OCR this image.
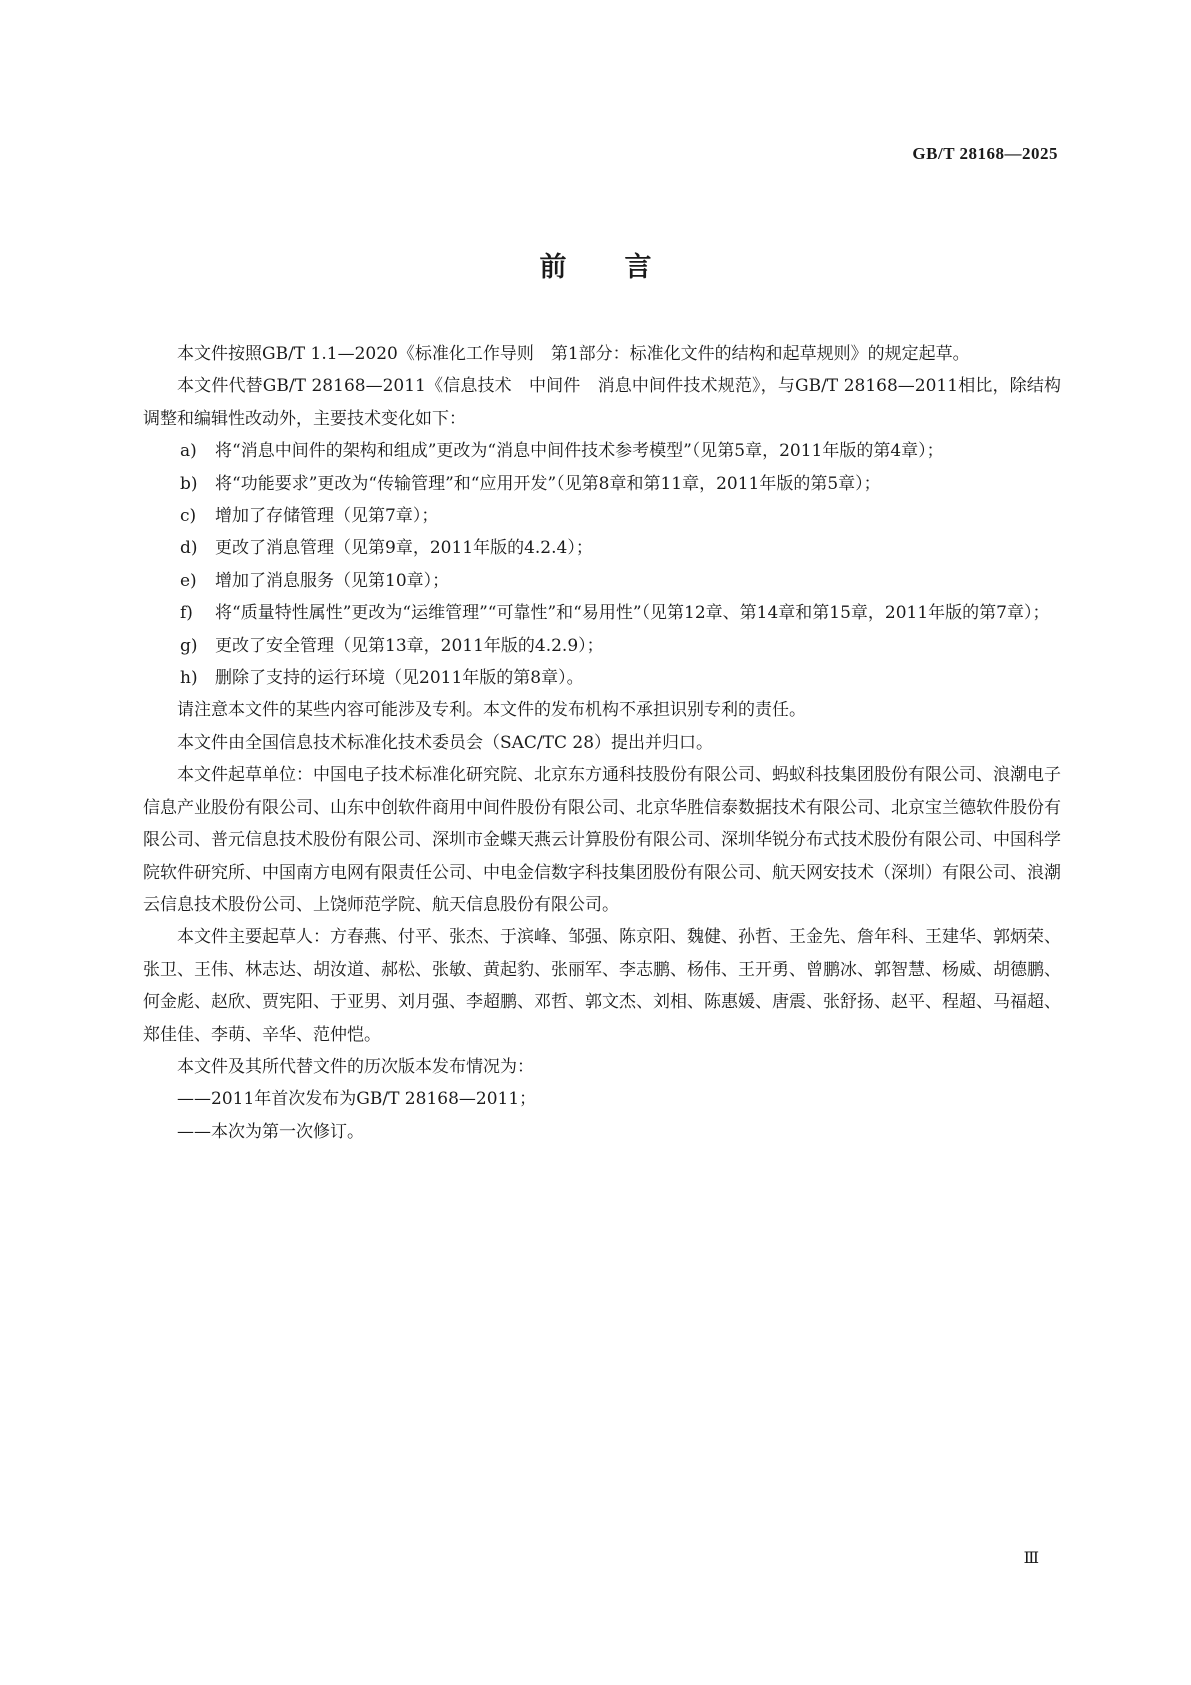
GB/T 28168—2025
前言

本文件按照GB/T 1.1—2020《标准化工作导则　第1部分：标准化文件的结构和起草规则》的规定起草。

本文件代替GB/T 28168—2011《信息技术　中间件　消息中间件技术规范》，与GB/T 28168—2011相比，除结构调整和编辑性改动外，主要技术变化如下：

a) 将“消息中间件的架构和组成”更改为“消息中间件技术参考模型”（见第5章，2011年版的第4章）；
b) 将“功能要求”更改为“传输管理”和“应用开发”（见第8章和第11章，2011年版的第5章）；
c) 增加了存储管理（见第7章）；
d) 更改了消息管理（见第9章，2011年版的4.2.4）；
e) 增加了消息服务（见第10章）；
f) 将“质量特性属性”更改为“运维管理”“可靠性”和“易用性”（见第12章、第14章和第15章，2011年版的第7章）；
g) 更改了安全管理（见第13章，2011年版的4.2.9）；
h) 删除了支持的运行环境（见2011年版的第8章）。

请注意本文件的某些内容可能涉及专利。本文件的发布机构不承担识别专利的责任。

本文件由全国信息技术标准化技术委员会（SAC/TC 28）提出并归口。

本文件起草单位：中国电子技术标准化研究院、北京东方通科技股份有限公司、蚂蚁科技集团股份有限公司、浪潮电子信息产业股份有限公司、山东中创软件商用中间件股份有限公司、北京华胜信泰数据技术有限公司、北京宝兰德软件股份有限公司、普元信息技术股份有限公司、深圳市金蝶天燕云计算股份有限公司、深圳华锐分布式技术股份有限公司、中国科学院软件研究所、中国南方电网有限责任公司、中电金信数字科技集团股份有限公司、航天网安技术（深圳）有限公司、浪潮云信息技术股份公司、上饶师范学院、航天信息股份有限公司。

本文件主要起草人：方春燕、付平、张杰、于滨峰、邹强、陈京阳、魏健、孙哲、王金先、詹年科、王建华、郭炳荣、张卫、王伟、林志达、胡汝道、郝松、张敏、黄起豹、张丽军、李志鹏、杨伟、王开勇、曾鹏冰、郭智慧、杨威、胡德鹏、何金彪、赵欣、贾宪阳、于亚男、刘月强、李超鹏、邓哲、郭文杰、刘相、陈惠媛、唐震、张舒扬、赵平、程超、马福超、郑佳佳、李萌、辛华、范仲恺。

本文件及其所代替文件的历次版本发布情况为：

——2011年首次发布为GB/T 28168—2011；

——本次为第一次修订。

Ⅲ
